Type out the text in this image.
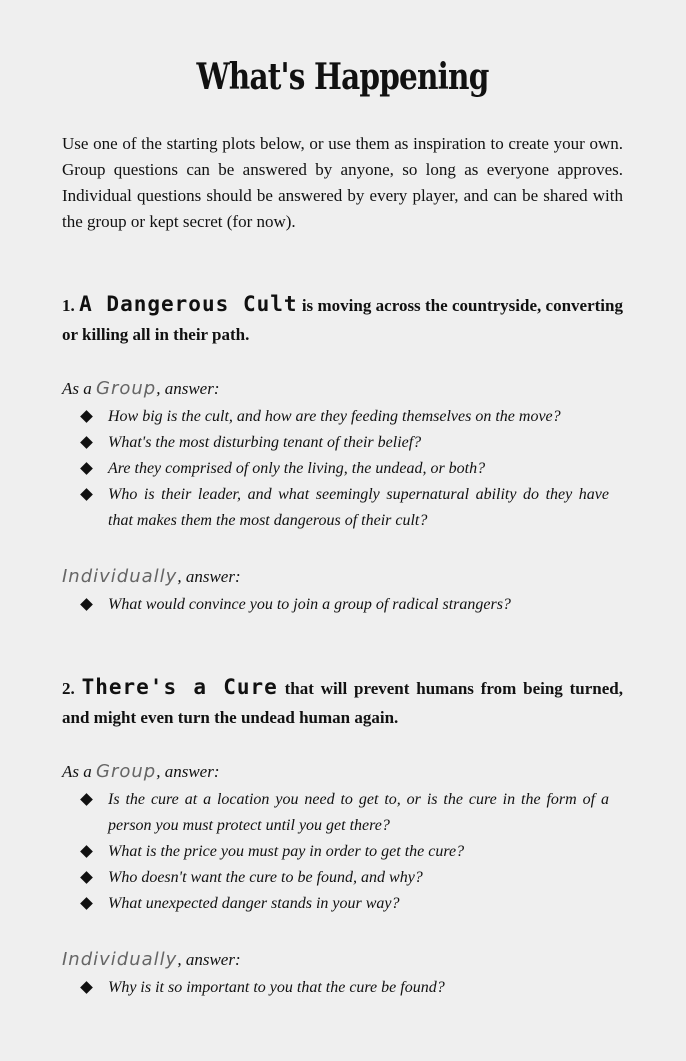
What's Happening

Use one of the starting plots below, or use them as inspiration to create your own. Group questions can be answered by anyone, so long as everyone approves. Individual questions should be answered by every player, and can be shared with the group or kept secret (for now).

1. A Dangerous Cult is moving across the countryside, converting or killing all in their path.

As a Group, answer:

How big is the cult, and how are they feeding themselves on the move?
What's the most disturbing tenant of their belief?
Are they comprised of only the living, the undead, or both?
Who is their leader, and what seemingly supernatural ability do they have that makes them the most dangerous of their cult?

Individually, answer:

What would convince you to join a group of radical strangers?

2. There's a Cure that will prevent humans from being turned, and might even turn the undead human again.

As a Group, answer:

Is the cure at a location you need to get to, or is the cure in the form of a person you must protect until you get there?
What is the price you must pay in order to get the cure?
Who doesn't want the cure to be found, and why?
What unexpected danger stands in your way?

Individually, answer:

Why is it so important to you that the cure be found?
